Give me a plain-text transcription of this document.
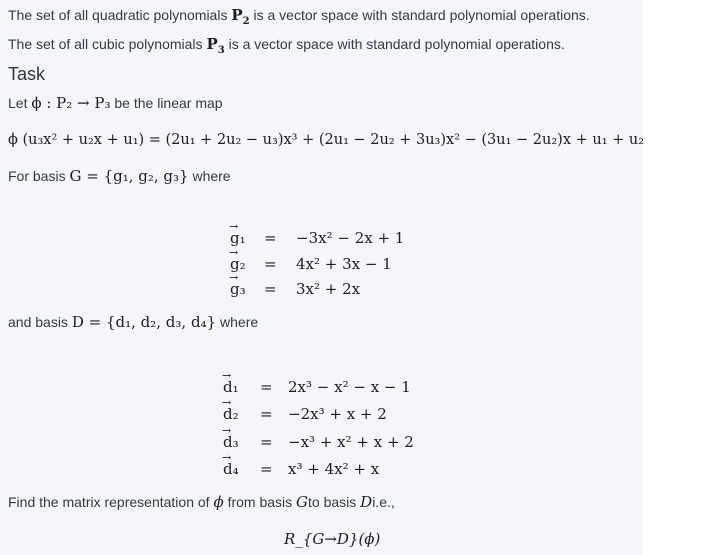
The set of all quadratic polynomials $P_2$ is a vector space with standard polynomial operations.
The set of all cubic polynomials $P_3$ is a vector space with standard polynomial operations.
Task
Let ϕ : P₂ → P₃ be the linear map
ϕ (u₃x² + u₂x + u₁) = (2u₁ + 2u₂ − u₃)x³ + (2u₁ − 2u₂ + 3u₃)x² − (3u₁ − 2u₂)x + u₁ + u₂
For basis G = {g₁, g₂, g₃} where
→ g₁	= −3x² − 2x + 1
→ g₂	= 4x² + 3x − 1
→ g₃	= 3x² + 2x
and basis D = {d₁, d₂, d₃, d₄} where
→ d₁	= 2x³ − x² − x − 1
→ d₂	= −2x³ + x + 2
→ d₃	= −x³ + x² + x + 2
→ d₄	= x³ + 4x² + x
Find the matrix representation of ϕ from basis Gto basis Di.e.,
R_{G→D}(ϕ)
